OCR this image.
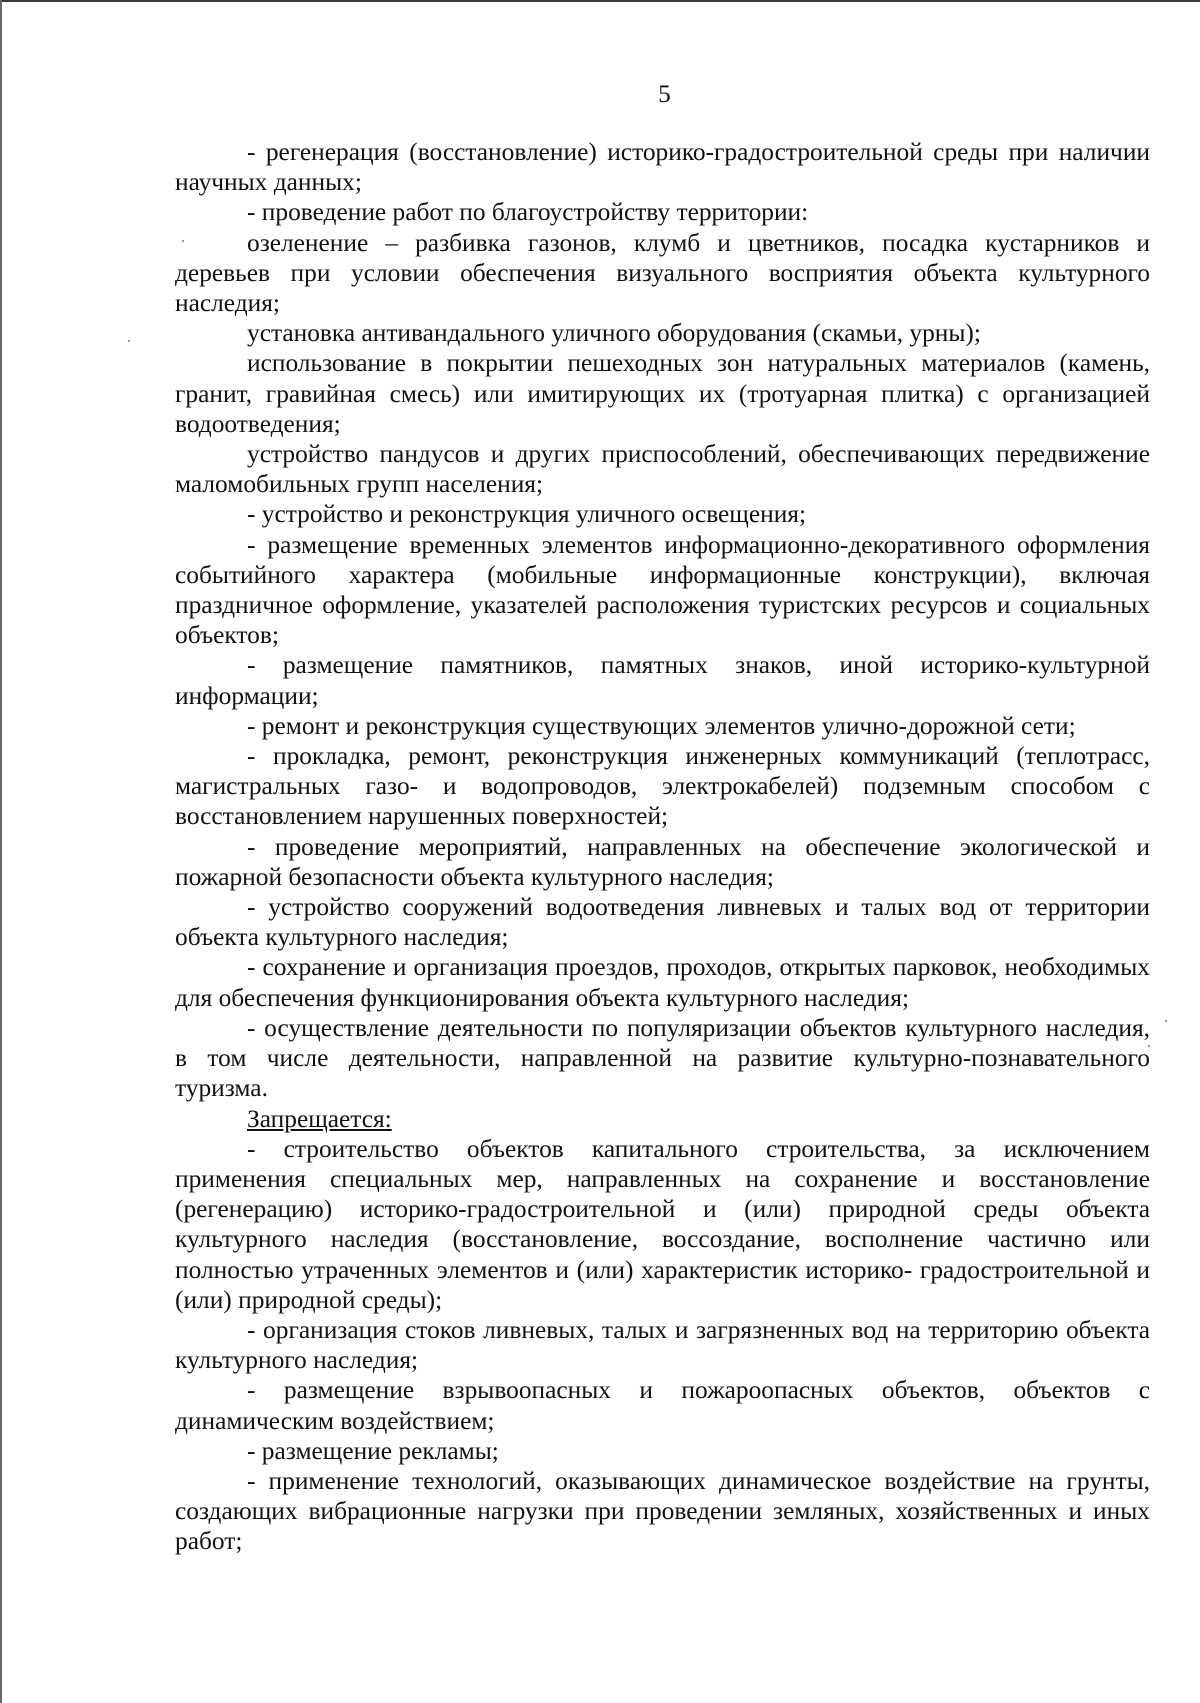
5

- регенерация (восстановление) историко-градостроительной среды при наличии научных данных;

- проведение работ по благоустройству территории:

озеленение – разбивка газонов, клумб и цветников, посадка кустарников и деревьев при условии обеспечения визуального восприятия объекта культурного наследия;

установка антивандального уличного оборудования (скамьи, урны);

использование в покрытии пешеходных зон натуральных материалов (камень, гранит, гравийная смесь) или имитирующих их (тротуарная плитка) с организацией водоотведения;

устройство пандусов и других приспособлений, обеспечивающих передвижение маломобильных групп населения;

- устройство и реконструкция уличного освещения;

- размещение временных элементов информационно-декоративного оформления событийного характера (мобильные информационные конструкции), включая праздничное оформление, указателей расположения туристских ресурсов и социальных объектов;

- размещение памятников, памятных знаков, иной историко-культурной информации;

- ремонт и реконструкция существующих элементов улично-дорожной сети;

- прокладка, ремонт, реконструкция инженерных коммуникаций (теплотрасс, магистральных газо- и водопроводов, электрокабелей) подземным способом с восстановлением нарушенных поверхностей;

- проведение мероприятий, направленных на обеспечение экологической и пожарной безопасности объекта культурного наследия;

- устройство сооружений водоотведения ливневых и талых вод от территории объекта культурного наследия;

- сохранение и организация проездов, проходов, открытых парковок, необходимых для обеспечения функционирования объекта культурного наследия;

- осуществление деятельности по популяризации объектов культурного наследия, в том числе деятельности, направленной на развитие культурно-познавательного туризма.

Запрещается:

- строительство объектов капитального строительства, за исключением применения специальных мер, направленных на сохранение и восстановление (регенерацию) историко-градостроительной и (или) природной среды объекта культурного наследия (восстановление, воссоздание, восполнение частично или полностью утраченных элементов и (или) характеристик историко- градостроительной и (или) природной среды);

- организация стоков ливневых, талых и загрязненных вод на территорию объекта культурного наследия;

- размещение взрывоопасных и пожароопасных объектов, объектов с динамическим воздействием;

- размещение рекламы;

- применение технологий, оказывающих динамическое воздействие на грунты, создающих вибрационные нагрузки при проведении земляных, хозяйственных и иных работ;
